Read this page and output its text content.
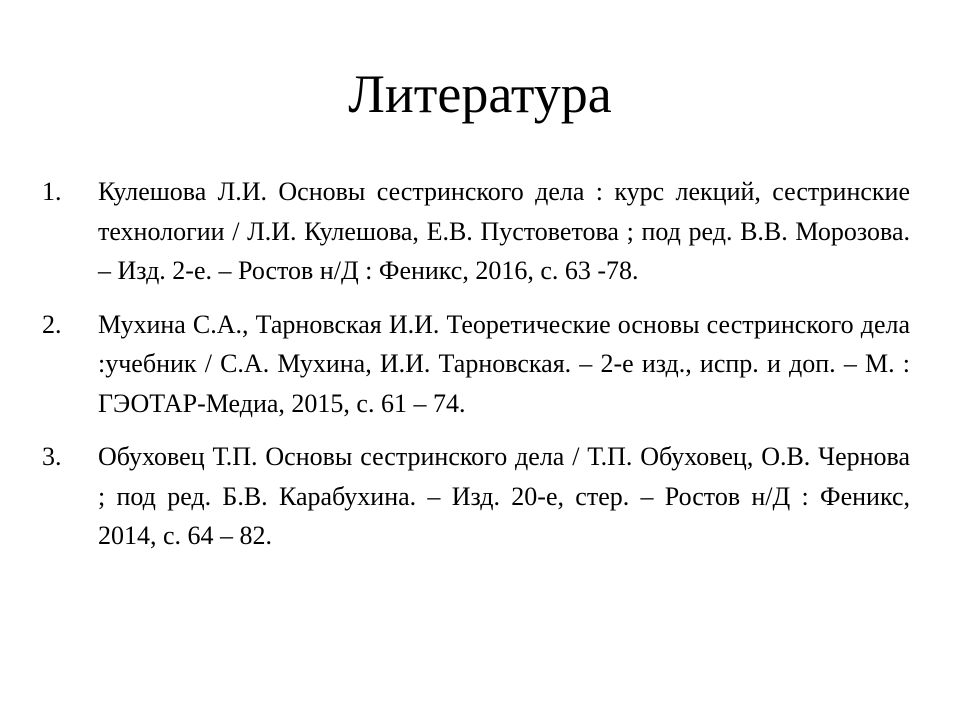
Литература
1. Кулешова Л.И. Основы сестринского дела : курс лекций, сестринские технологии / Л.И. Кулешова, Е.В. Пустоветова ; под ред. В.В. Морозова. – Изд. 2-е. – Ростов н/Д : Феникс, 2016, с. 63 -78.
2. Мухина С.А., Тарновская И.И. Теоретические основы сестринского дела :учебник / С.А. Мухина, И.И. Тарновская. – 2-е изд., испр. и доп. – М. : ГЭОТАР-Медиа, 2015, с. 61 – 74.
3. Обуховец Т.П. Основы сестринского дела / Т.П. Обуховец, О.В. Чернова ; под ред. Б.В. Карабухина. – Изд. 20-е, стер. – Ростов н/Д : Феникс, 2014, с. 64 – 82.
